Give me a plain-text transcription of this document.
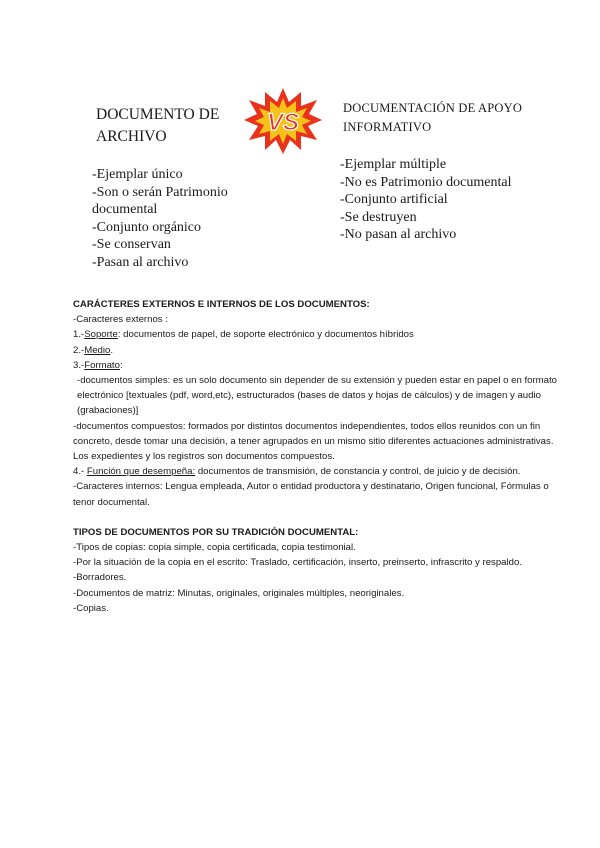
DOCUMENTO DE ARCHIVO
VS
DOCUMENTACIÓN DE APOYO INFORMATIVO
-Ejemplar único
-Son o serán Patrimonio documental
-Conjunto orgánico
-Se conservan
-Pasan al archivo
-Ejemplar múltiple
-No es Patrimonio documental
-Conjunto artificial
-Se destruyen
-No pasan al archivo

CARÁCTERES EXTERNOS E INTERNOS DE LOS DOCUMENTOS:

-Caracteres externos :

1.-Soporte: documentos de papel, de soporte electrónico y documentos híbridos

2.-Medio.

3.-Formato:

-documentos simples: es un solo documento sin depender de su extensión y pueden estar en papel o en formato electrónico [textuales (pdf, word,etc), estructurados (bases de datos y hojas de cálculos) y de imagen y audio (grabaciones)]

-documentos compuestos: formados por distintos documentos independientes, todos ellos reunidos con un fin concreto, desde tomar una decisión, a tener agrupados en un mismo sitio diferentes actuaciones administrativas. Los expedientes y los registros son documentos compuestos.

4.- Función que desempeña: documentos de transmisión, de constancia y control, de juicio y de decisión.

-Caracteres internos: Lengua empleada, Autor o entidad productora y destinatario, Origen funcional, Fórmulas o tenor documental.

TIPOS DE DOCUMENTOS POR SU TRADICIÓN DOCUMENTAL:

-Tipos de copias: copia simple, copia certificada, copia testimonial.

-Por la situación de la copia en el escrito: Traslado, certificación, inserto, preinserto, infrascrito y respaldo.

-Borradores.

-Documentos de matriz: Minutas, originales, originales múltiples, neoriginales.

-Copias.
